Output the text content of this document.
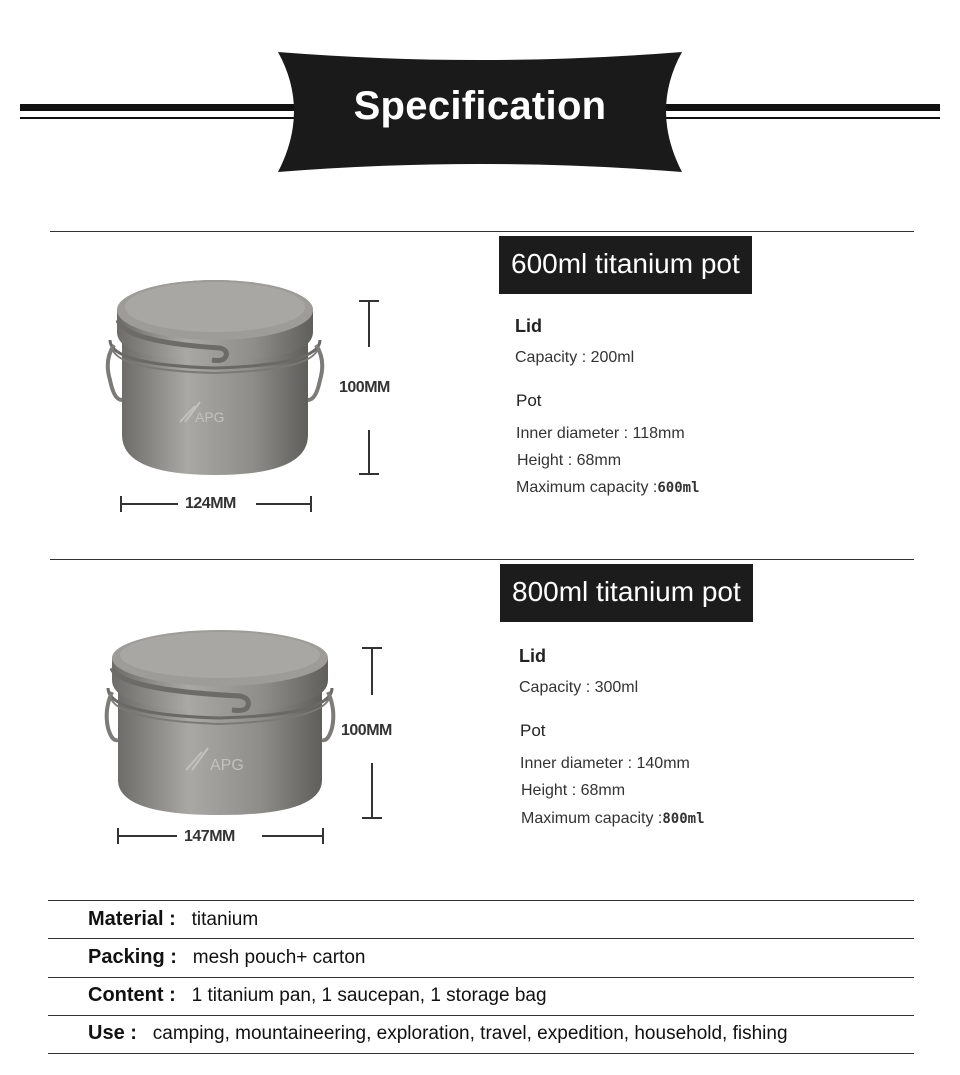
Specification
APG
100MM
124MM
600ml titanium pot
Lid
Capacity : 200ml
Pot
Inner diameter : 118mm
Height : 68mm
Maximum capacity :600ml
APG
100MM
147MM
800ml titanium pot
Lid
Capacity : 300ml
Pot
Inner diameter : 140mm
Height : 68mm
Maximum capacity :800ml
Material : titanium
Packing : mesh pouch+ carton
Content : 1 titanium pan, 1 saucepan, 1 storage bag
Use : camping, mountaineering, exploration, travel, expedition, household, fishing
